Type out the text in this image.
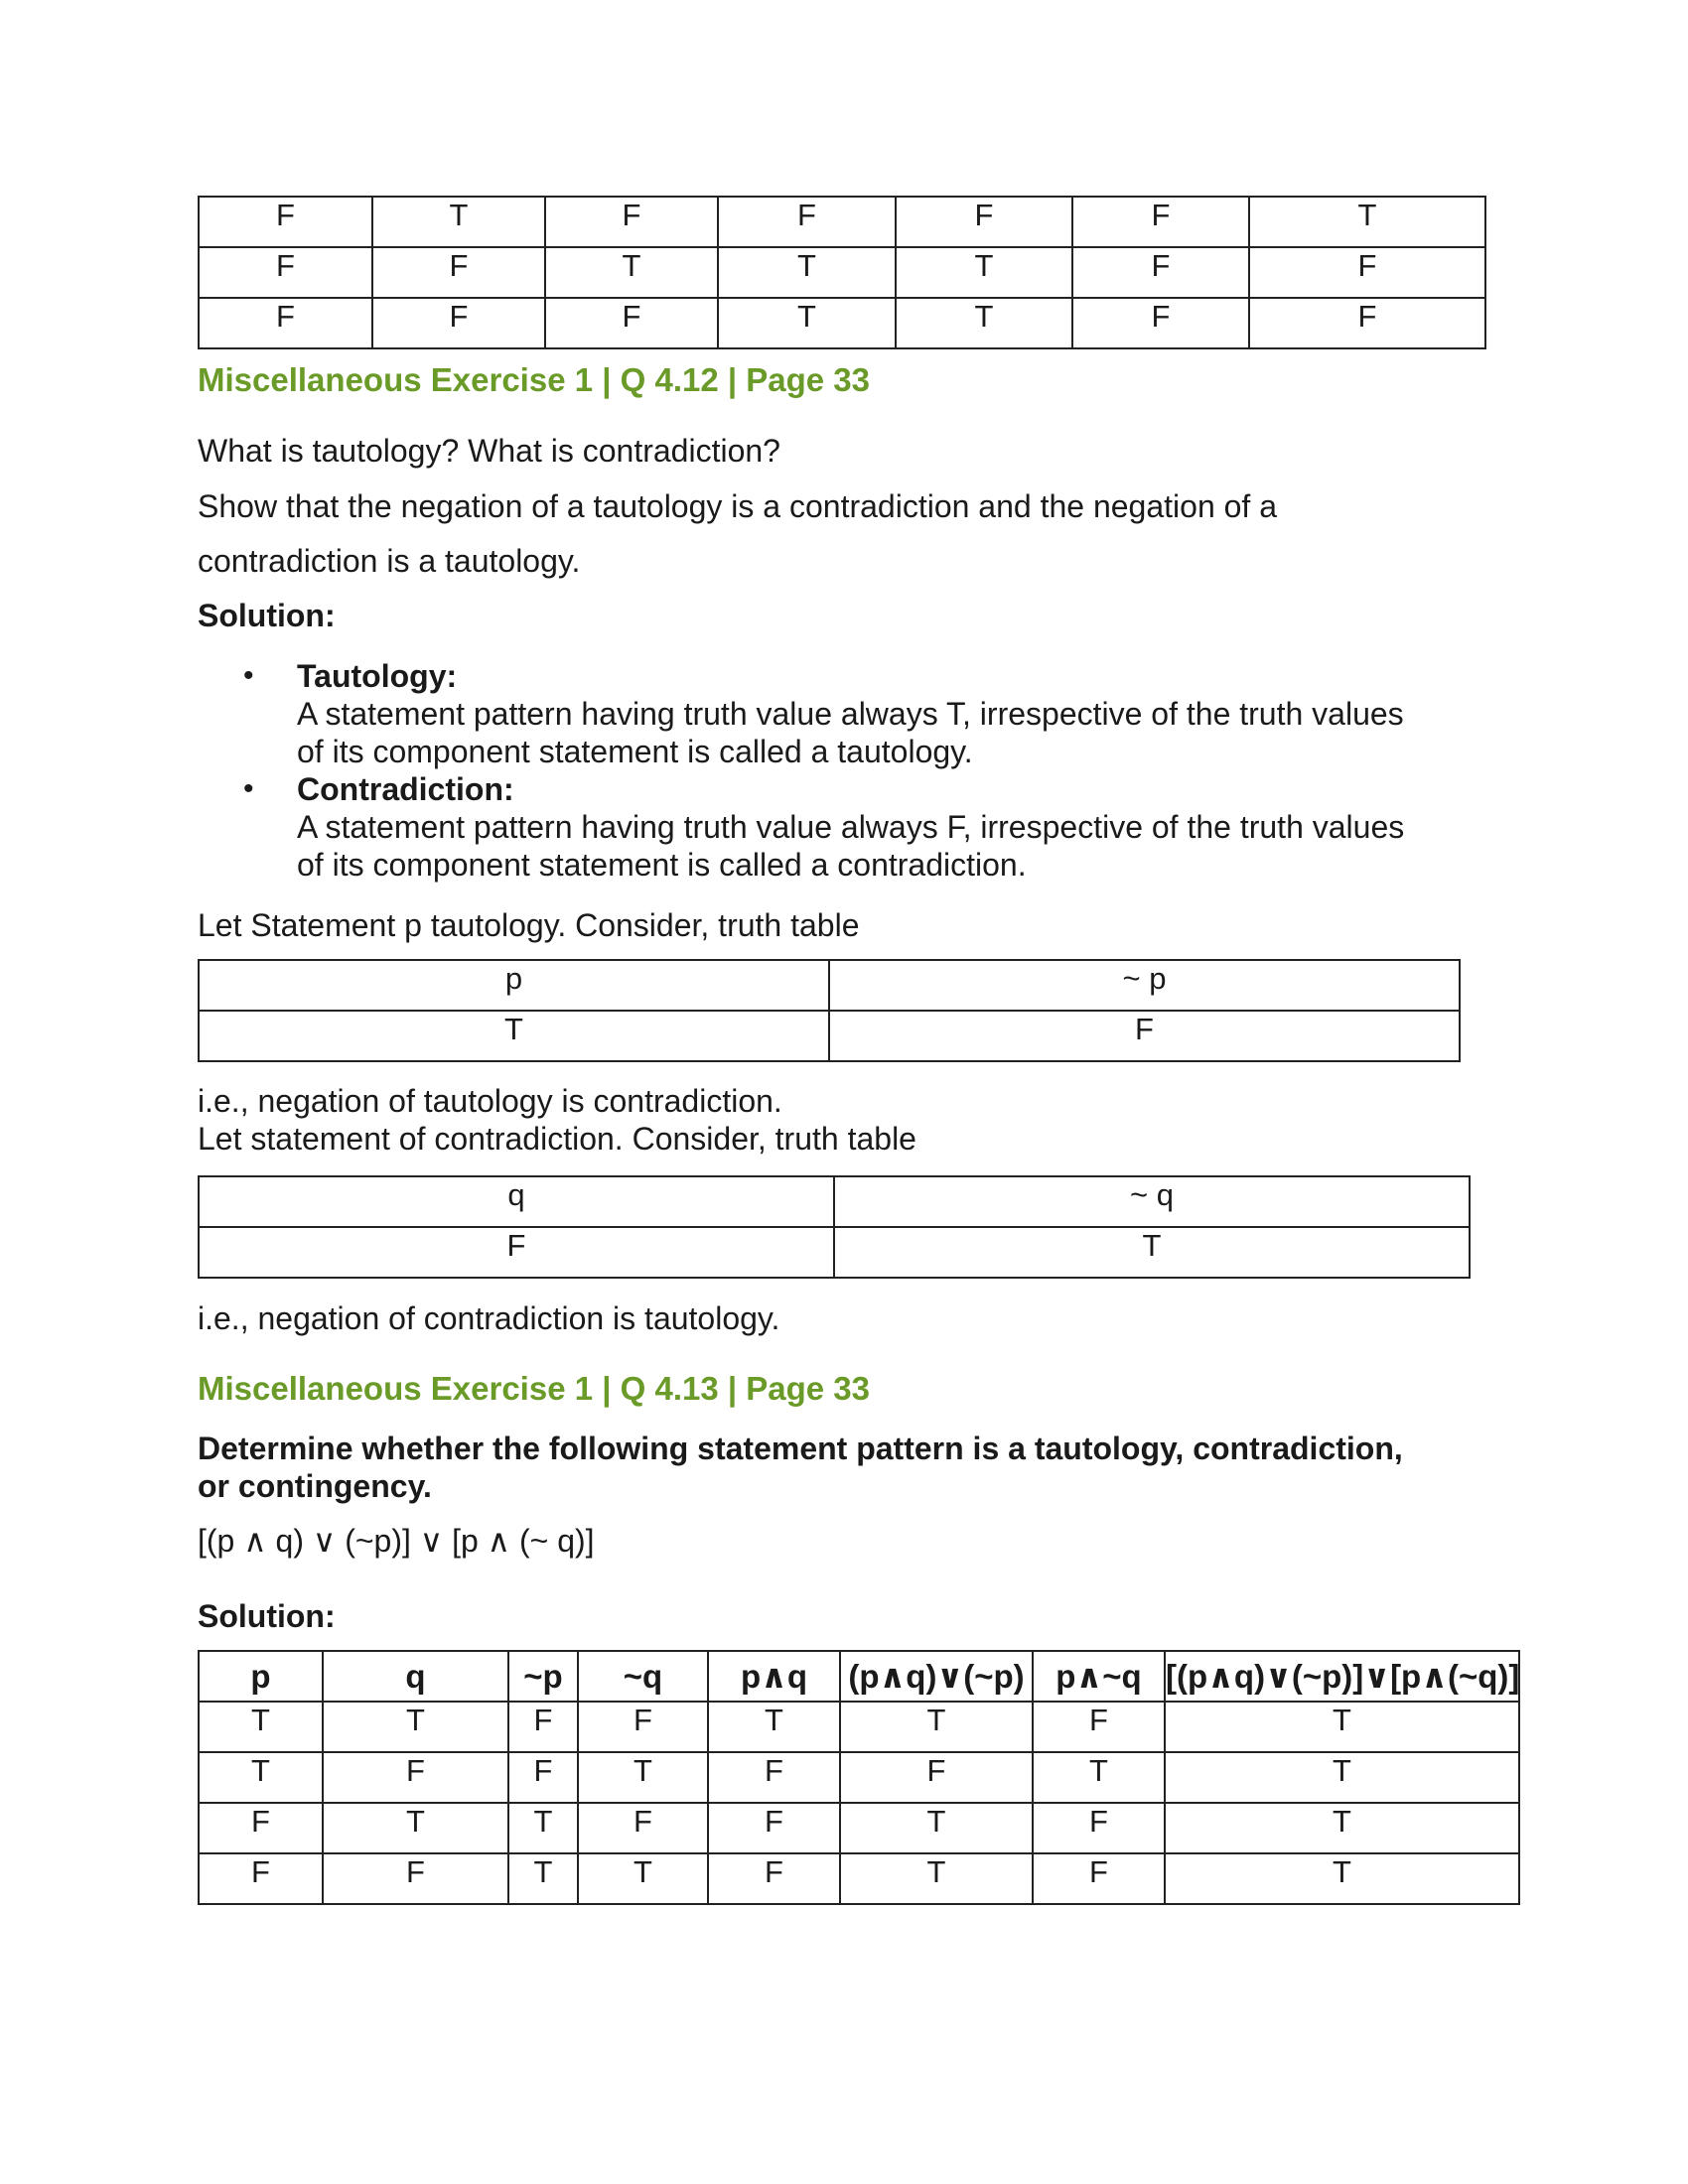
F	T	F	F	F	F	T
F	F	T	T	T	F	F
F	F	F	T	T	F	F

Miscellaneous Exercise 1 | Q 4.12 | Page 33

What is tautology? What is contradiction?

Show that the negation of a tautology is a contradiction and the negation of a

contradiction is a tautology.

Solution:

• Tautology:
A statement pattern having truth value always T, irrespective of the truth values
of its component statement is called a tautology.
• Contradiction:
A statement pattern having truth value always F, irrespective of the truth values
of its component statement is called a contradiction.

Let Statement p tautology. Consider, truth table

p	~ p
T	F

i.e., negation of tautology is contradiction.

Let statement of contradiction. Consider, truth table

q	~ q
F	T

i.e., negation of contradiction is tautology.

Miscellaneous Exercise 1 | Q 4.13 | Page 33

Determine whether the following statement pattern is a tautology, contradiction,

or contingency.

[(p ∧ q) ∨ (~p)] ∨ [p ∧ (~ q)]

Solution:

p	q	~p	~q	p∧q	(p∧q)∨(~p)	p∧~q	[(p∧q)∨(~p)]∨[p∧(~q)]
T	T	F	F	T	T	F	T
T	F	F	T	F	F	T	T
F	T	T	F	F	T	F	T
F	F	T	T	F	T	F	T
